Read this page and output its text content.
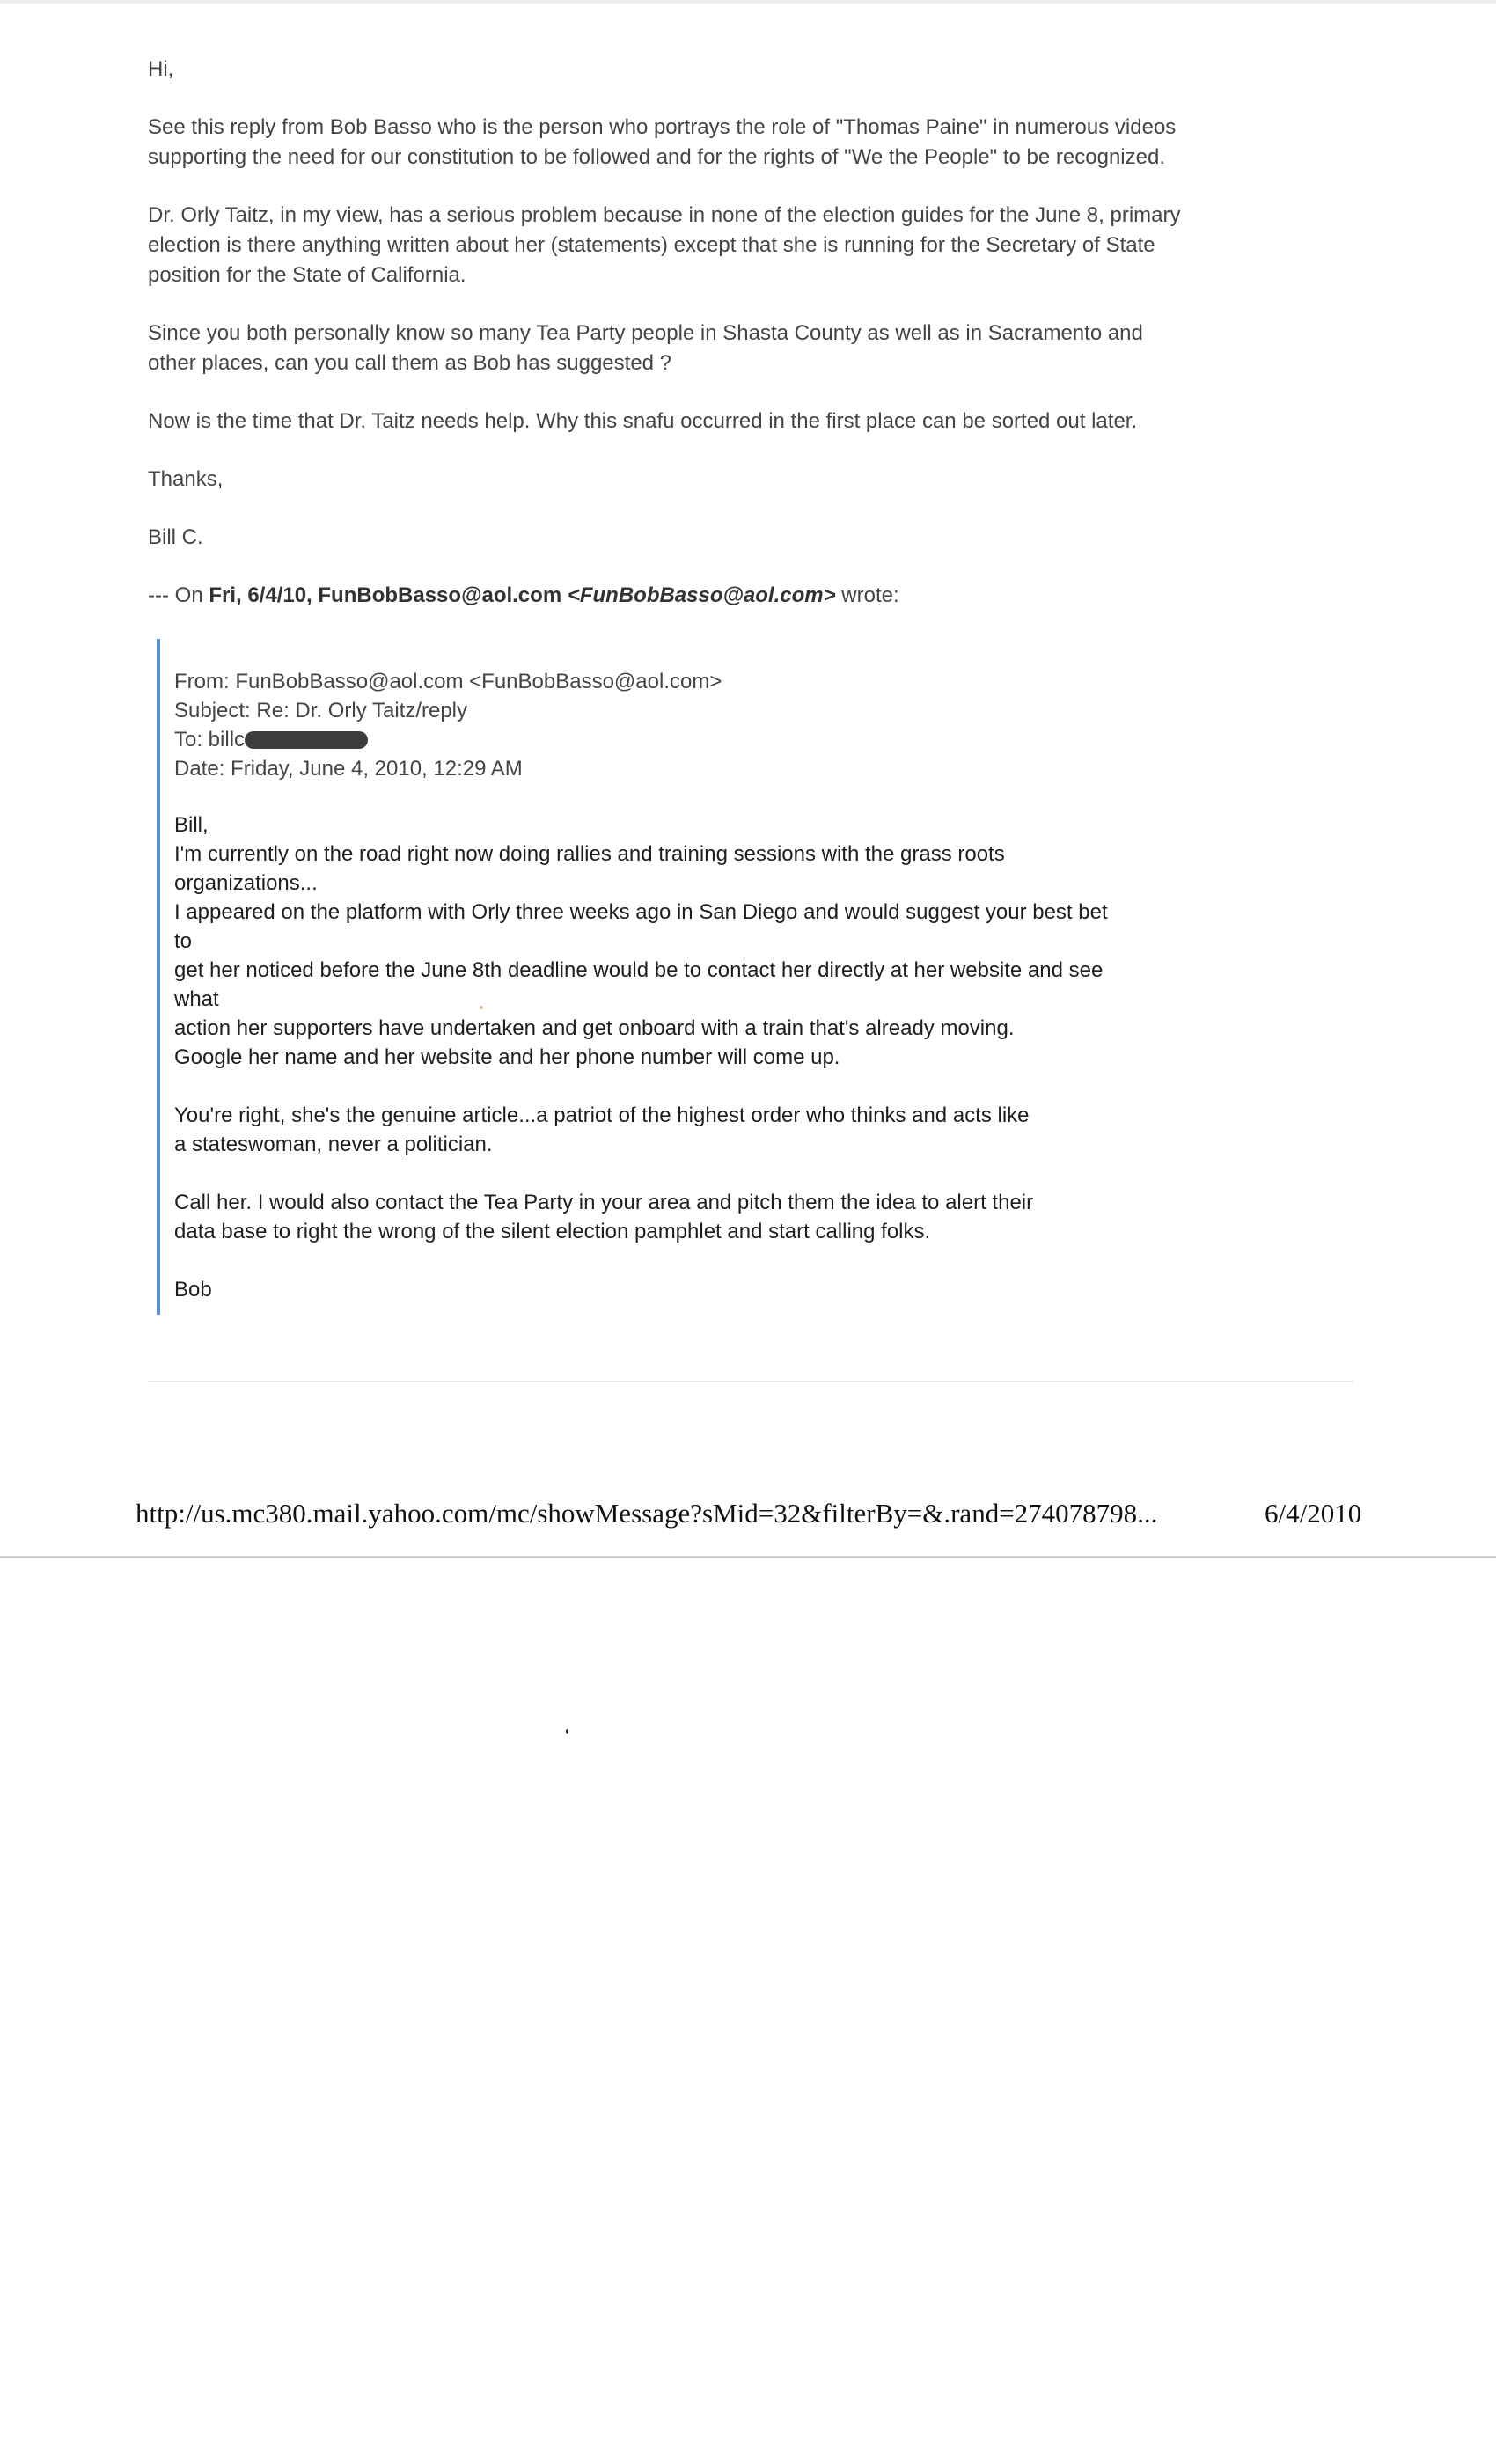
Hi,

See this reply from Bob Basso who is the person who portrays the role of "Thomas Paine" in numerous videos
supporting the need for our constitution to be followed and for the rights of "We the People" to be recognized.

Dr. Orly Taitz, in my view, has a serious problem because in none of the election guides for the June 8, primary
election is there anything written about her (statements) except that she is running for the Secretary of State
position for the State of California.

Since you both personally know so many Tea Party people in Shasta County as well as in Sacramento and
other places, can you call them as Bob has suggested ?

Now is the time that Dr. Taitz needs help. Why this snafu occurred in the first place can be sorted out later.

Thanks,

Bill C.

--- On Fri, 6/4/10, FunBobBasso@aol.com <FunBobBasso@aol.com> wrote:

From: FunBobBasso@aol.com <FunBobBasso@aol.com>

Subject: Re: Dr. Orly Taitz/reply

To: billc

Date: Friday, June 4, 2010, 12:29 AM

Bill,

I'm currently on the road right now doing rallies and training sessions with the grass roots

organizations...

I appeared on the platform with Orly three weeks ago in San Diego and would suggest your best bet

to

get her noticed before the June 8th deadline would be to contact her directly at her website and see

what

action her supporters have undertaken and get onboard with a train that's already moving.

Google her name and her website and her phone number will come up.

You're right, she's the genuine article...a patriot of the highest order who thinks and acts like

a stateswoman, never a politician.

Call her. I would also contact the Tea Party in your area and pitch them the idea to alert their

data base to right the wrong of the silent election pamphlet and start calling folks.

Bob

http://us.mc380.mail.yahoo.com/mc/showMessage?sMid=32&filterBy=&.rand=274078798...	6/4/2010
